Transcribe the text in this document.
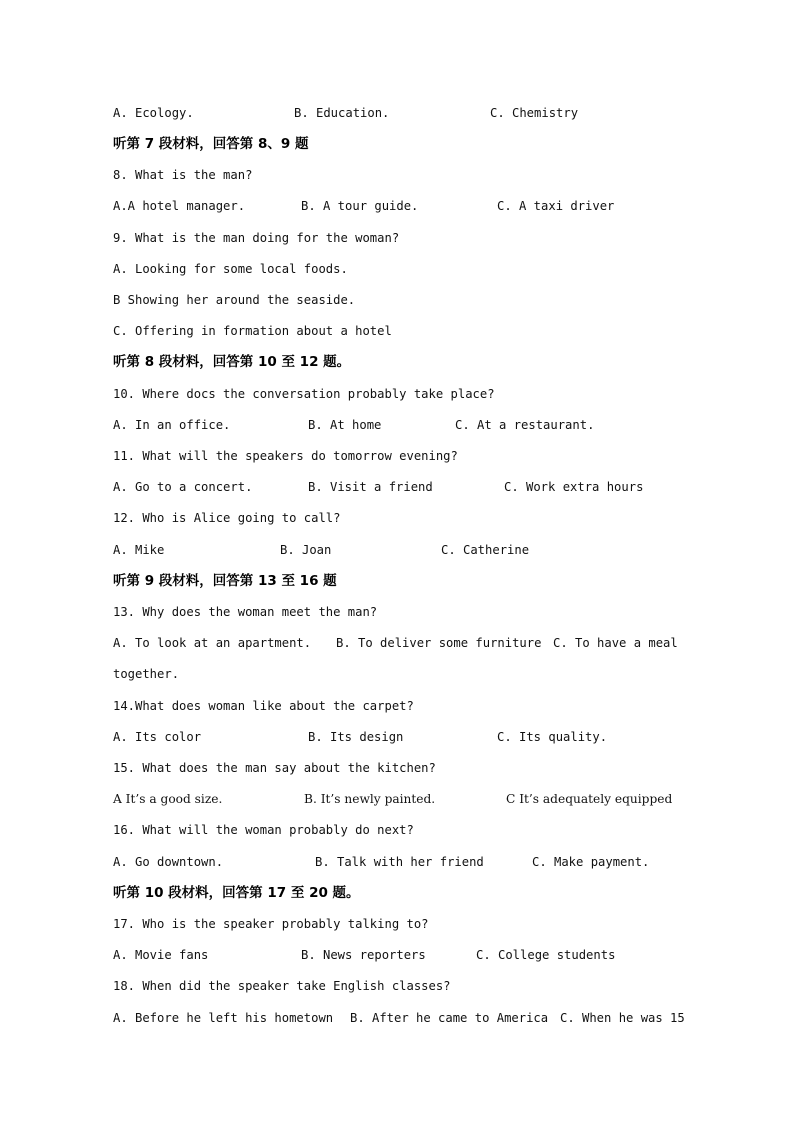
A. Ecology.	B. Education.	C. Chemistry
听第 7 段材料，回答第 8、9 题
8. What is the man?
A.A hotel manager.	B. A tour guide.	C. A taxi driver
9. What is the man doing for the woman?
A. Looking for some local foods.
B Showing her around the seaside.
C. Offering in formation about a hotel
听第 8 段材料，回答第 10 至 12 题。
10. Where docs the conversation probably take place?
A. In an office.	B. At home	C. At a restaurant.
11. What will the speakers do tomorrow evening?
A. Go to a concert.	B. Visit a friend	C. Work extra hours
12. Who is Alice going to call?
A. Mike	B. Joan	C. Catherine
听第 9 段材料，回答第 13 至 16 题
13. Why does the woman meet the man?
A. To look at an apartment. B. To deliver some furniture C. To have a meal
together.
14.What does woman like about the carpet?
A. Its color	B. Its design	C. Its quality.
15. What does the man say about the kitchen?
A It’s a good size.	B. It’s newly painted.	C It’s adequately equipped
16. What will the woman probably do next?
A. Go downtown.	B. Talk with her friend	C. Make payment.
听第 10 段材料，回答第 17 至 20 题。
17. Who is the speaker probably talking to?
A. Movie fans	B. News reporters	C. College students
18. When did the speaker take English classes?
A. Before he left his hometown B. After he came to America C. When he was 15
